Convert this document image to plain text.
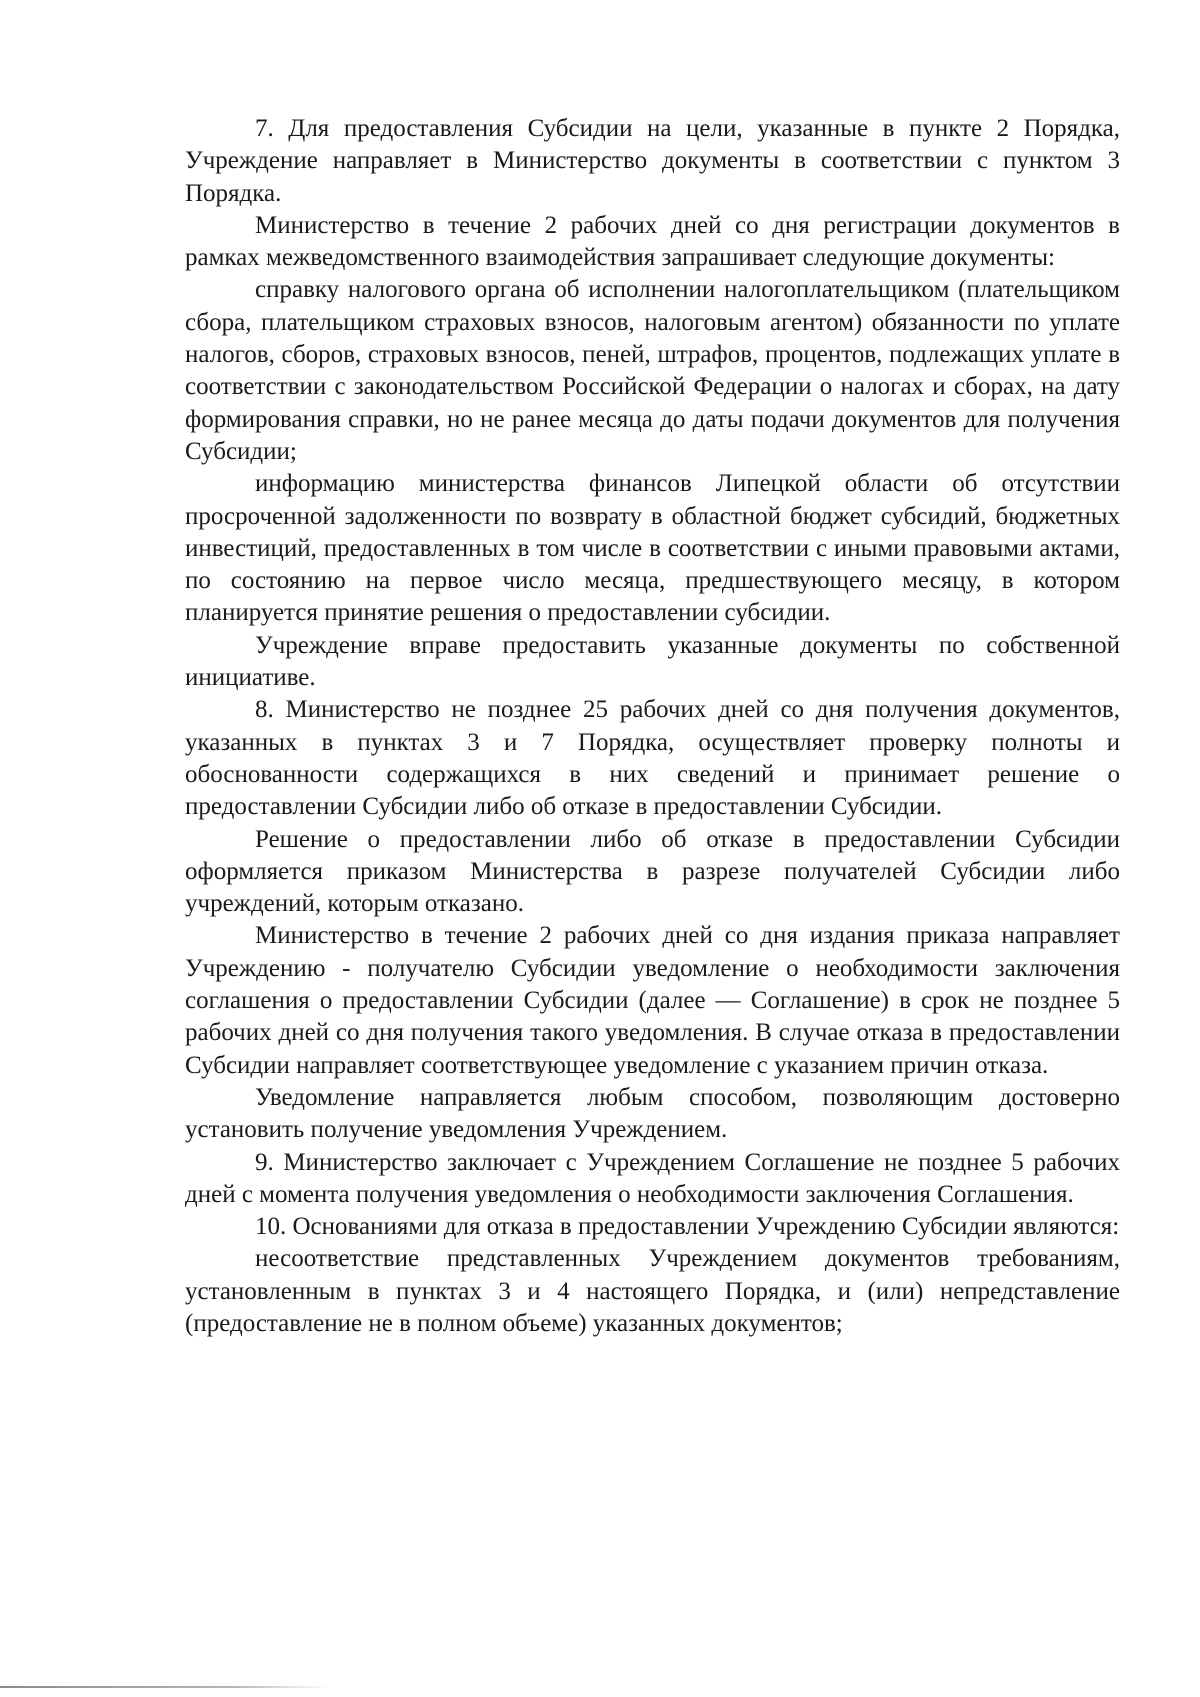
7. Для предоставления Субсидии на цели, указанные в пункте 2 Порядка, Учреждение направляет в Министерство документы в соответствии с пунктом 3 Порядка.

Министерство в течение 2 рабочих дней со дня регистрации документов в рамках межведомственного взаимодействия запрашивает следующие документы:

справку налогового органа об исполнении налогоплательщиком (плательщиком сбора, плательщиком страховых взносов, налоговым агентом) обязанности по уплате налогов, сборов, страховых взносов, пеней, штрафов, процентов, подлежащих уплате в соответствии с законодательством Российской Федерации о налогах и сборах, на дату формирования справки, но не ранее месяца до даты подачи документов для получения Субсидии;

информацию министерства финансов Липецкой области об отсутствии просроченной задолженности по возврату в областной бюджет субсидий, бюджетных инвестиций, предоставленных в том числе в соответствии с иными правовыми актами, по состоянию на первое число месяца, предшествующего месяцу, в котором планируется принятие решения о предоставлении субсидии.

Учреждение вправе предоставить указанные документы по собственной инициативе.

8. Министерство не позднее 25 рабочих дней со дня получения документов, указанных в пунктах 3 и 7 Порядка, осуществляет проверку полноты и обоснованности содержащихся в них сведений и принимает решение о предоставлении Субсидии либо об отказе в предоставлении Субсидии.

Решение о предоставлении либо об отказе в предоставлении Субсидии оформляется приказом Министерства в разрезе получателей Субсидии либо учреждений, которым отказано.

Министерство в течение 2 рабочих дней со дня издания приказа направляет Учреждению - получателю Субсидии уведомление о необходимости заключения соглашения о предоставлении Субсидии (далее — Соглашение) в срок не позднее 5 рабочих дней со дня получения такого уведомления. В случае отказа в предоставлении Субсидии направляет соответствующее уведомление с указанием причин отказа.

Уведомление направляется любым способом, позволяющим достоверно установить получение уведомления Учреждением.

9. Министерство заключает с Учреждением Соглашение не позднее 5 рабочих дней с момента получения уведомления о необходимости заключения Соглашения.

10. Основаниями для отказа в предоставлении Учреждению Субсидии являются:

несоответствие представленных Учреждением документов требованиям, установленным в пунктах 3 и 4 настоящего Порядка, и (или) непредставление (предоставление не в полном объеме) указанных документов;
